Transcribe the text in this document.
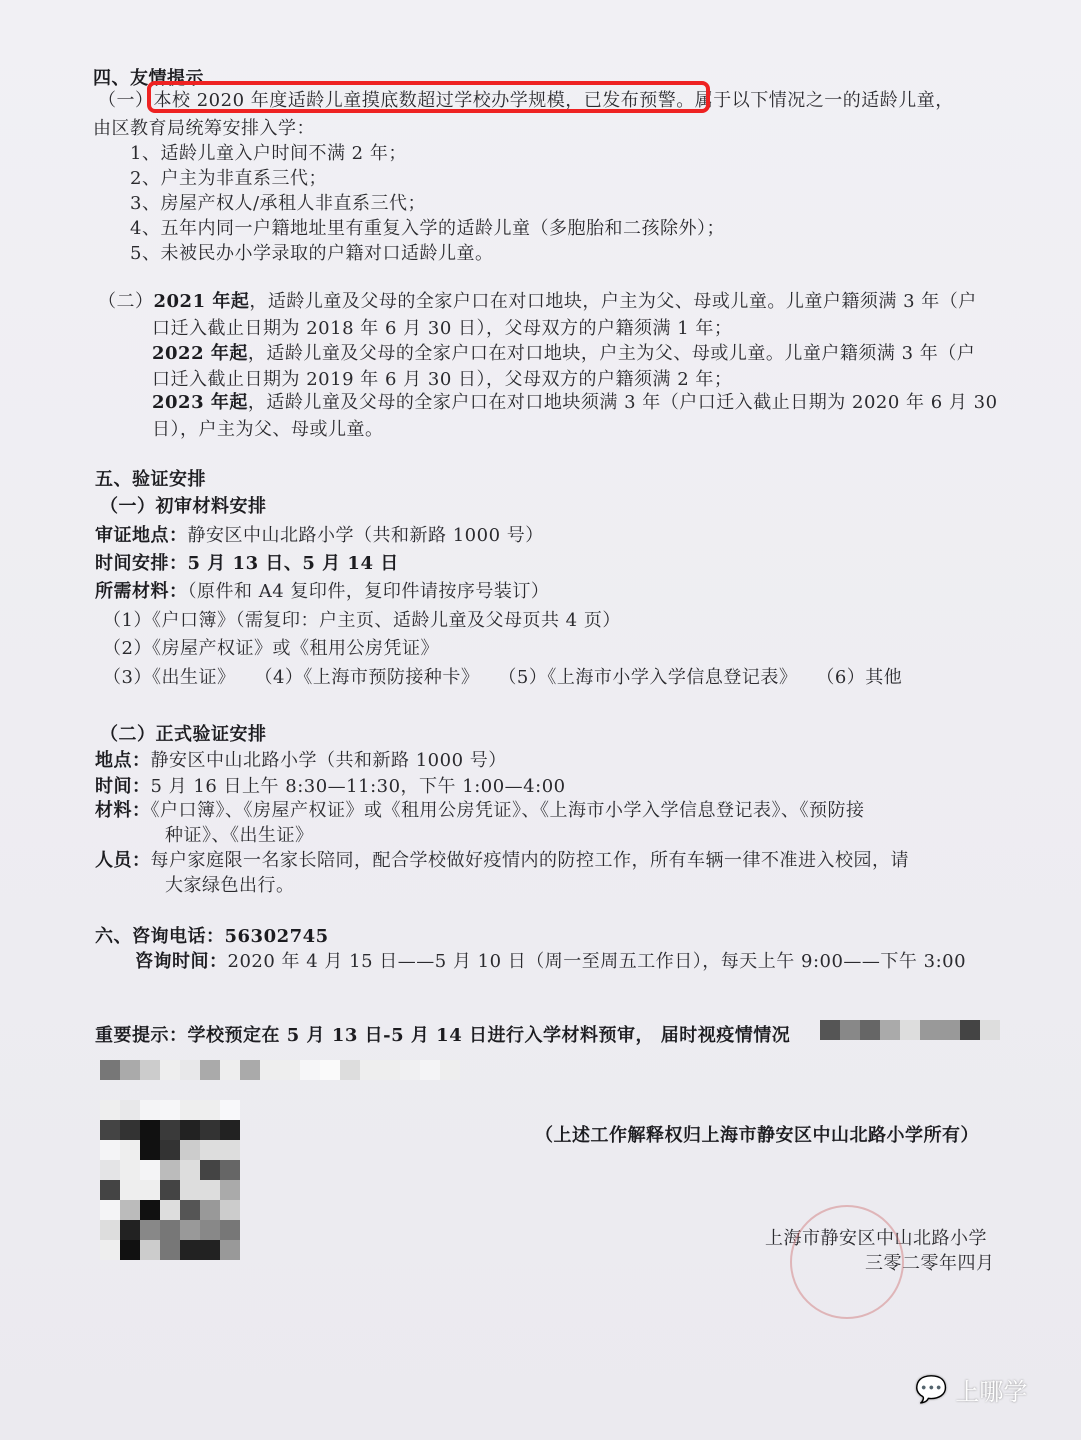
四、友情提示
（一）本校 2020 年度适龄儿童摸底数超过学校办学规模，已发布预警。属于以下情况之一的适龄儿童，
由区教育局统筹安排入学：
1、适龄儿童入户时间不满 2 年；
2、户主为非直系三代；
3、房屋产权人/承租人非直系三代；
4、五年内同一户籍地址里有重复入学的适龄儿童（多胞胎和二孩除外）；
5、未被民办小学录取的户籍对口适龄儿童。
（二）2021 年起，适龄儿童及父母的全家户口在对口地块，户主为父、母或儿童。儿童户籍须满 3 年（户
口迁入截止日期为 2018 年 6 月 30 日），父母双方的户籍须满 1 年；
2022 年起，适龄儿童及父母的全家户口在对口地块，户主为父、母或儿童。儿童户籍须满 3 年（户
口迁入截止日期为 2019 年 6 月 30 日），父母双方的户籍须满 2 年；
2023 年起，适龄儿童及父母的全家户口在对口地块须满 3 年（户口迁入截止日期为 2020 年 6 月 30
日），户主为父、母或儿童。
五、验证安排
（一）初审材料安排
审证地点：静安区中山北路小学（共和新路 1000 号）
时间安排：5 月 13 日、5 月 14 日
所需材料：（原件和 A4 复印件，复印件请按序号装订）
（1）《户口簿》（需复印：户主页、适龄儿童及父母页共 4 页）
（2）《房屋产权证》或《租用公房凭证》
（3）《出生证》　　（4）《上海市预防接种卡》　　（5）《上海市小学入学信息登记表》　　（6）其他
（二）正式验证安排
地点：静安区中山北路小学（共和新路 1000 号）
时间：5 月 16 日上午 8:30—11:30，下午 1:00—4:00
材料：《户口簿》、《房屋产权证》或《租用公房凭证》、《上海市小学入学信息登记表》、《预防接
种证》、《出生证》
人员：每户家庭限一名家长陪同，配合学校做好疫情内的防控工作，所有车辆一律不准进入校园，请
大家绿色出行。
六、咨询电话：56302745
咨询时间：2020 年 4 月 15 日——5 月 10 日（周一至周五工作日），每天上午 9:00——下午 3:00
重要提示：学校预定在 5 月 13 日-5 月 14 日进行入学材料预审， 届时视疫情情况
（上述工作解释权归上海市静安区中山北路小学所有）
上海市静安区中山北路小学
三零二零年四月
💬 上哪学
